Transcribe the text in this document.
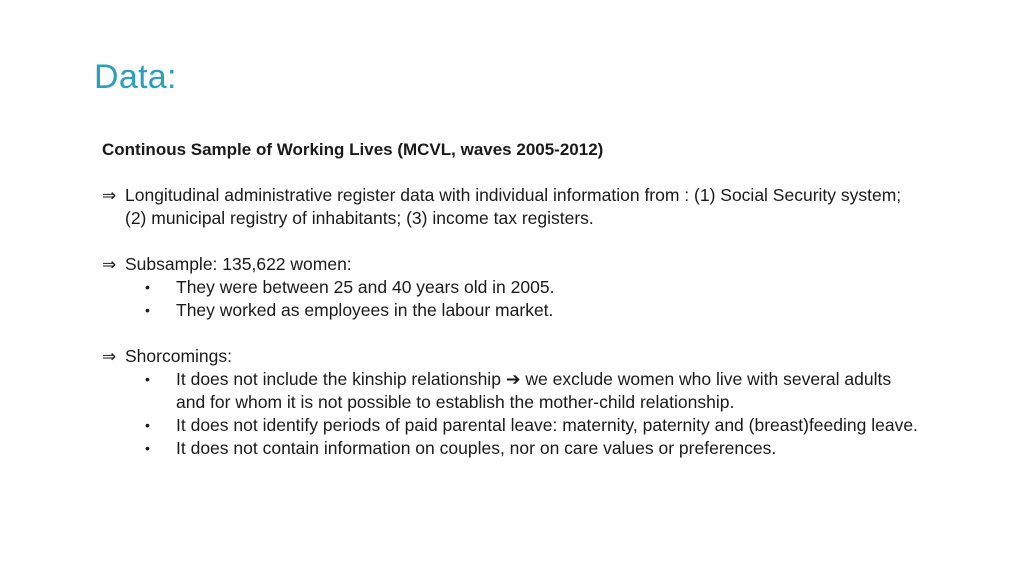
Data:
Continous Sample of Working Lives (MCVL, waves 2005-2012)
⇒ Longitudinal administrative register data with individual information from : (1) Social Security system; (2) municipal registry of inhabitants; (3) income tax registers.
⇒ Subsample: 135,622 women:
•	They were between 25 and 40 years old in 2005.
•	They worked as employees in the labour market.
⇒ Shorcomings:
•	It does not include the kinship relationship ➔ we exclude women who live with several adults and for whom it is not possible to establish the mother-child relationship.
•	It does not identify periods of paid parental leave: maternity, paternity and (breast)feeding leave.
•	It does not contain information on couples, nor on care values or preferences.
